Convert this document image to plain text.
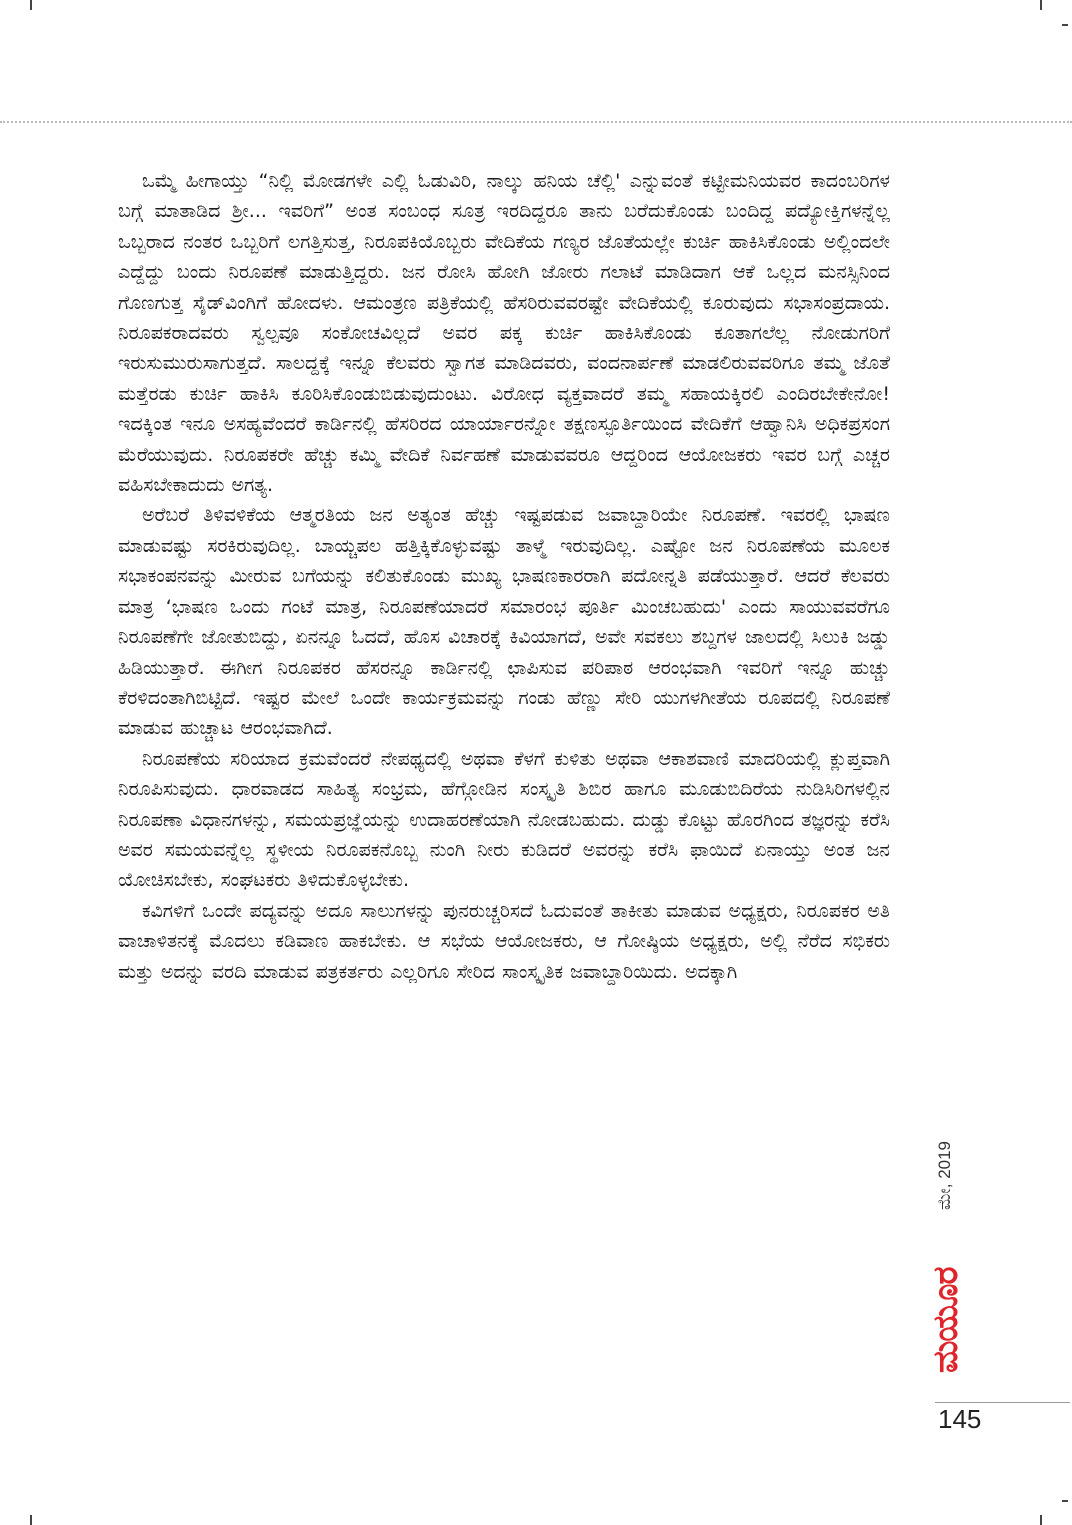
ಒಮ್ಮೆ ಹೀಗಾಯ್ತು “ನಿಲ್ಲಿ ಮೋಡಗಳೇ ಎಲ್ಲಿ ಓಡುವಿರಿ, ನಾಲ್ಕು ಹನಿಯ ಚೆಲ್ಲಿ' ಎನ್ನುವಂತೆ ಕಟ್ಟೀಮನಿಯವರ ಕಾದಂಬರಿಗಳ ಬಗ್ಗೆ ಮಾತಾಡಿದ ಶ್ರೀ... ಇವರಿಗೆ” ಅಂತ ಸಂಬಂಧ ಸೂತ್ರ ಇರದಿದ್ದರೂ ತಾನು ಬರೆದುಕೊಂಡು ಬಂದಿದ್ದ ಪದ್ಯೋಕ್ತಿಗಳನ್ನೆಲ್ಲ ಒಬ್ಬರಾದ ನಂತರ ಒಬ್ಬರಿಗೆ ಲಗತ್ತಿಸುತ್ತ, ನಿರೂಪಕಿಯೊಬ್ಬರು ವೇದಿಕೆಯ ಗಣ್ಯರ ಜೊತೆಯಲ್ಲೇ ಕುರ್ಚಿ ಹಾಕಿಸಿಕೊಂಡು ಅಲ್ಲಿಂದಲೇ ಎದ್ದೆದ್ದು ಬಂದು ನಿರೂಪಣೆ ಮಾಡುತ್ತಿದ್ದರು. ಜನ ರೋಸಿ ಹೋಗಿ ಜೋರು ಗಲಾಟೆ ಮಾಡಿದಾಗ ಆಕೆ ಒಲ್ಲದ ಮನಸ್ಸಿನಿಂದ ಗೊಣಗುತ್ತ ಸೈಡ್‌ವಿಂಗಿಗೆ ಹೋದಳು. ಆಮಂತ್ರಣ ಪತ್ರಿಕೆಯಲ್ಲಿ ಹೆಸರಿರುವವರಷ್ಟೇ ವೇದಿಕೆಯಲ್ಲಿ ಕೂರುವುದು ಸಭಾಸಂಪ್ರದಾಯ. ನಿರೂಪಕರಾದವರು ಸ್ವಲ್ಪವೂ ಸಂಕೋಚವಿಲ್ಲದೆ ಅವರ ಪಕ್ಕ ಕುರ್ಚಿ ಹಾಕಿಸಿಕೊಂಡು ಕೂತಾಗಲೆಲ್ಲ ನೋಡುಗರಿಗೆ ಇರುಸುಮುರುಸಾಗುತ್ತದೆ. ಸಾಲದ್ದಕ್ಕೆ ಇನ್ನೂ ಕೆಲವರು ಸ್ವಾಗತ ಮಾಡಿದವರು, ವಂದನಾರ್ಪಣೆ ಮಾಡಲಿರುವವರಿಗೂ ತಮ್ಮ ಜೊತೆ ಮತ್ತೆರಡು ಕುರ್ಚಿ ಹಾಕಿಸಿ ಕೂರಿಸಿಕೊಂಡುಬಿಡುವುದುಂಟು. ವಿರೋಧ ವ್ಯಕ್ತವಾದರೆ ತಮ್ಮ ಸಹಾಯಕ್ಕಿರಲಿ ಎಂದಿರಬೇಕೇನೋ! ಇದಕ್ಕಿಂತ ಇನೂ ಅಸಹ್ಯವೆಂದರೆ ಕಾರ್ಡಿನಲ್ಲಿ ಹೆಸರಿರದ ಯಾರ್ಯಾರನ್ನೋ ತಕ್ಷಣಸ್ಫೂರ್ತಿಯಿಂದ ವೇದಿಕೆಗೆ ಆಹ್ವಾನಿಸಿ ಅಧಿಕಪ್ರಸಂಗ ಮೆರೆಯುವುದು. ನಿರೂಪಕರೇ ಹೆಚ್ಚು ಕಮ್ಮಿ ವೇದಿಕೆ ನಿರ್ವಹಣೆ ಮಾಡುವವರೂ ಆದ್ದರಿಂದ ಆಯೋಜಕರು ಇವರ ಬಗ್ಗೆ ಎಚ್ಚರ ವಹಿಸಬೇಕಾದುದು ಅಗತ್ಯ.

ಅರೆಬರೆ ತಿಳಿವಳಿಕೆಯ ಆತ್ಮರತಿಯ ಜನ ಅತ್ಯಂತ ಹೆಚ್ಚು ಇಷ್ಟಪಡುವ ಜವಾಬ್ದಾರಿಯೇ ನಿರೂಪಣೆ. ಇವರಲ್ಲಿ ಭಾಷಣ ಮಾಡುವಷ್ಟು ಸರಕಿರುವುದಿಲ್ಲ. ಬಾಯ್ಚಪಲ ಹತ್ತಿಕ್ಕಿಕೊಳ್ಳುವಷ್ಟು ತಾಳ್ಮೆ ಇರುವುದಿಲ್ಲ. ಎಷ್ಟೋ ಜನ ನಿರೂಪಣೆಯ ಮೂಲಕ ಸಭಾಕಂಪನವನ್ನು ಮೀರುವ ಬಗೆಯನ್ನು ಕಲಿತುಕೊಂಡು ಮುಖ್ಯ ಭಾಷಣಕಾರರಾಗಿ ಪದೋನ್ನತಿ ಪಡೆಯುತ್ತಾರೆ. ಆದರೆ ಕೆಲವರು ಮಾತ್ರ ‘ಭಾಷಣ ಒಂದು ಗಂಟೆ ಮಾತ್ರ, ನಿರೂಪಣೆಯಾದರೆ ಸಮಾರಂಭ ಪೂರ್ತಿ ಮಿಂಚಬಹುದು' ಎಂದು ಸಾಯುವವರೆಗೂ ನಿರೂಪಣೆಗೇ ಜೋತುಬಿದ್ದು, ಏನನ್ನೂ ಓದದೆ, ಹೊಸ ವಿಚಾರಕ್ಕೆ ಕಿವಿಯಾಗದೆ, ಅವೇ ಸವಕಲು ಶಬ್ದಗಳ ಜಾಲದಲ್ಲಿ ಸಿಲುಕಿ ಜಡ್ಡು ಹಿಡಿಯುತ್ತಾರೆ. ಈಗೀಗ ನಿರೂಪಕರ ಹೆಸರನ್ನೂ ಕಾರ್ಡಿನಲ್ಲಿ ಛಾಪಿಸುವ ಪರಿಪಾಠ ಆರಂಭವಾಗಿ ಇವರಿಗೆ ಇನ್ನೂ ಹುಚ್ಚು ಕೆರಳಿದಂತಾಗಿಬಿಟ್ಟಿದೆ. ಇಷ್ಟರ ಮೇಲೆ ಒಂದೇ ಕಾರ್ಯಕ್ರಮವನ್ನು ಗಂಡು ಹೆಣ್ಣು ಸೇರಿ ಯುಗಳಗೀತೆಯ ರೂಪದಲ್ಲಿ ನಿರೂಪಣೆ ಮಾಡುವ ಹುಚ್ಚಾಟ ಆರಂಭವಾಗಿದೆ.

ನಿರೂಪಣೆಯ ಸರಿಯಾದ ಕ್ರಮವೆಂದರೆ ನೇಪಥ್ಯದಲ್ಲಿ ಅಥವಾ ಕೆಳಗೆ ಕುಳಿತು ಅಥವಾ ಆಕಾಶವಾಣಿ ಮಾದರಿಯಲ್ಲಿ ಕ್ಲುಪ್ತವಾಗಿ ನಿರೂಪಿಸುವುದು. ಧಾರವಾಡದ ಸಾಹಿತ್ಯ ಸಂಭ್ರಮ, ಹೆಗ್ಗೋಡಿನ ಸಂಸ್ಕೃತಿ ಶಿಬಿರ ಹಾಗೂ ಮೂಡುಬಿದಿರೆಯ ನುಡಿಸಿರಿಗಳಲ್ಲಿನ ನಿರೂಪಣಾ ವಿಧಾನಗಳನ್ನು, ಸಮಯಪ್ರಜ್ಞೆಯನ್ನು ಉದಾಹರಣೆಯಾಗಿ ನೋಡಬಹುದು. ದುಡ್ಡು ಕೊಟ್ಟು ಹೊರಗಿಂದ ತಜ್ಞರನ್ನು ಕರೆಸಿ ಅವರ ಸಮಯವನ್ನೆಲ್ಲ ಸ್ಥಳೀಯ ನಿರೂಪಕನೊಬ್ಬ ನುಂಗಿ ನೀರು ಕುಡಿದರೆ ಅವರನ್ನು ಕರೆಸಿ ಫಾಯಿದೆ ಏನಾಯ್ತು ಅಂತ ಜನ ಯೋಚಿಸಬೇಕು, ಸಂಘಟಕರು ತಿಳಿದುಕೊಳ್ಳಬೇಕು.

ಕವಿಗಳಿಗೆ ಒಂದೇ ಪದ್ಯವನ್ನು ಅದೂ ಸಾಲುಗಳನ್ನು ಪುನರುಚ್ಚರಿಸದೆ ಓದುವಂತೆ ತಾಕೀತು ಮಾಡುವ ಅಧ್ಯಕ್ಷರು, ನಿರೂಪಕರ ಅತಿ ವಾಚಾಳಿತನಕ್ಕೆ ಮೊದಲು ಕಡಿವಾಣ ಹಾಕಬೇಕು. ಆ ಸಭೆಯ ಆಯೋಜಕರು, ಆ ಗೋಷ್ಠಿಯ ಅಧ್ಯಕ್ಷರು, ಅಲ್ಲಿ ನೆರೆದ ಸಭಿಕರು ಮತ್ತು ಅದನ್ನು ವರದಿ ಮಾಡುವ ಪತ್ರಕರ್ತರು ಎಲ್ಲರಿಗೂ ಸೇರಿದ ಸಾಂಸ್ಕೃತಿಕ ಜವಾಬ್ದಾರಿಯಿದು. ಅದಕ್ಕಾಗಿ

ಮೇ, 2019
ಮಯೂರ
145
